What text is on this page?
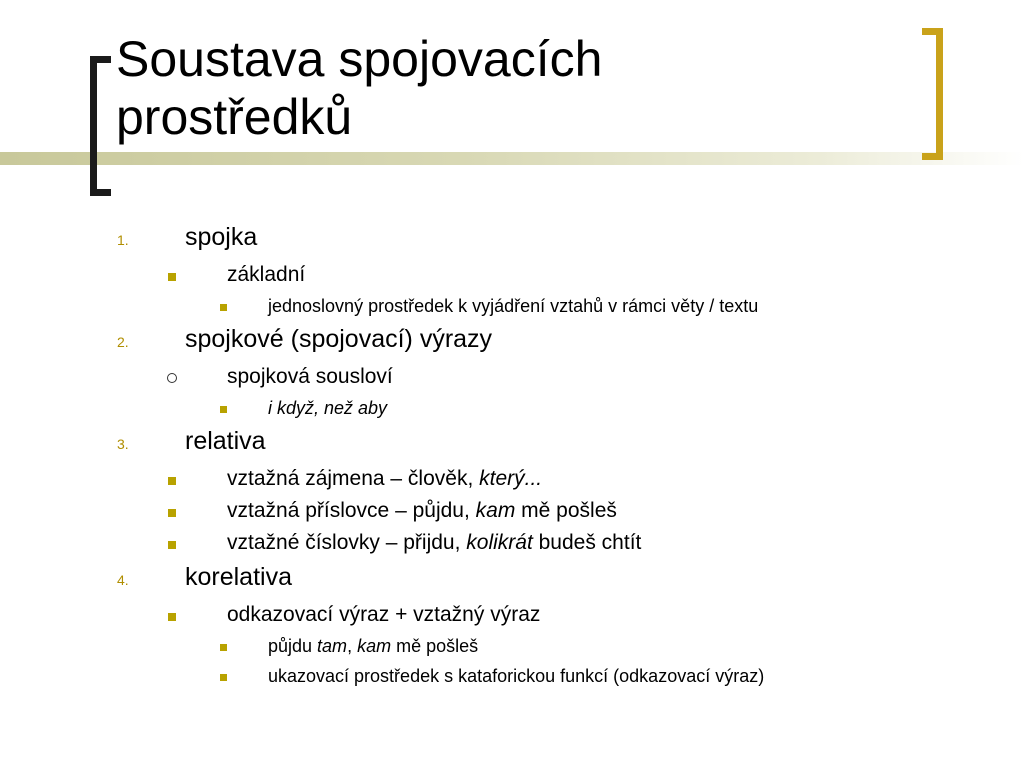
Soustava spojovacích
prostředků
1. spojka
základní
jednoslovný prostředek k vyjádření vztahů v rámci věty / textu
2. spojkové (spojovací) výrazy
spojková sousloví
i když, než aby
3. relativa
vztažná zájmena – člověk, který...
vztažná příslovce – půjdu, kam mě pošleš
vztažné číslovky – přijdu, kolikrát budeš chtít
4. korelativa
odkazovací výraz + vztažný výraz
půjdu tam, kam mě pošleš
ukazovací prostředek s kataforickou funkcí (odkazovací výraz)
